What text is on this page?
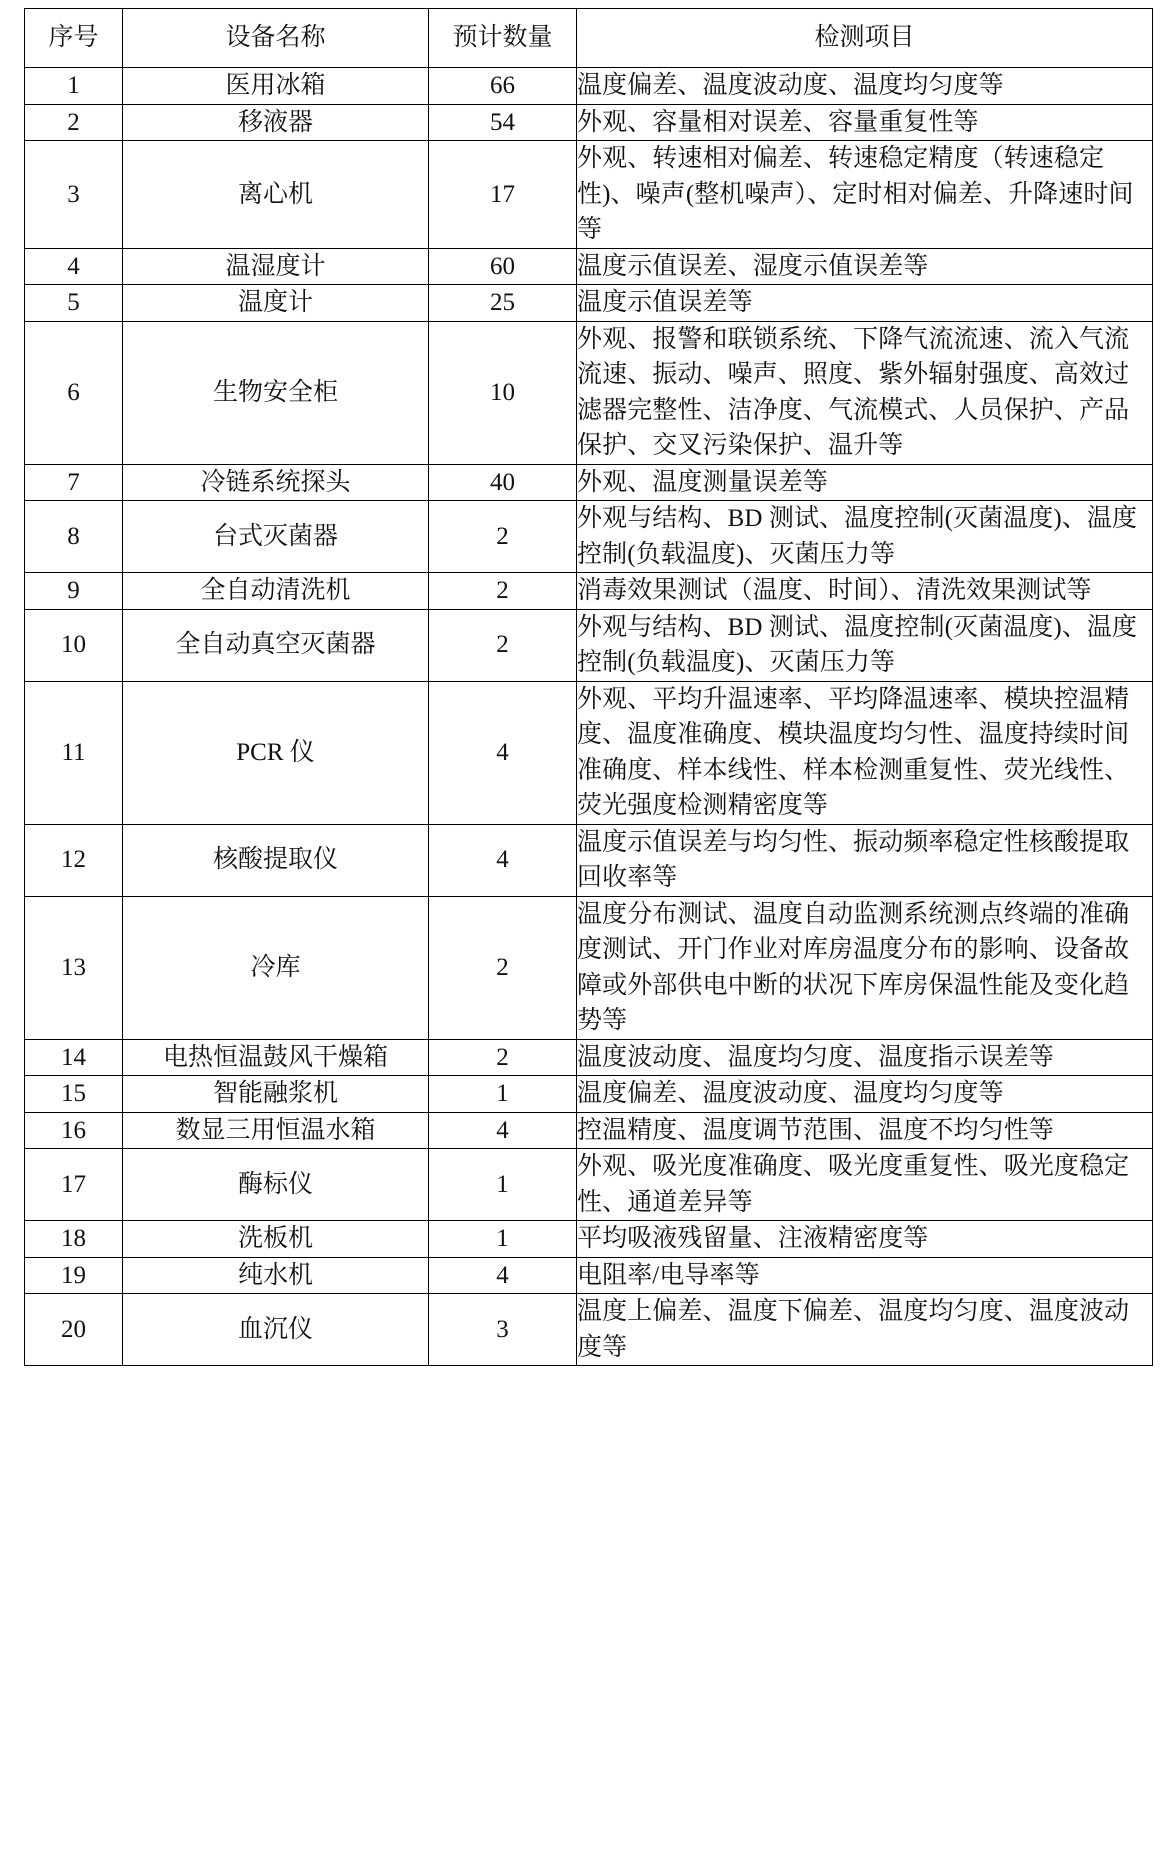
序号	设备名称	预计数量	检测项目
1	医用冰箱	66	温度偏差、温度波动度、温度均匀度等
2	移液器	54	外观、容量相对误差、容量重复性等
3	离心机	17	外观、转速相对偏差、转速稳定精度（转速稳定性)、噪声(整机噪声）、定时相对偏差、升降速时间等
4	温湿度计	60	温度示值误差、湿度示值误差等
5	温度计	25	温度示值误差等
6	生物安全柜	10	外观、报警和联锁系统、下降气流流速、流入气流流速、振动、噪声、照度、紫外辐射强度、高效过滤器完整性、洁净度、气流模式、人员保护、产品保护、交叉污染保护、温升等
7	冷链系统探头	40	外观、温度测量误差等
8	台式灭菌器	2	外观与结构、BD 测试、温度控制(灭菌温度)、温度控制(负载温度)、灭菌压力等
9	全自动清洗机	2	消毒效果测试（温度、时间）、清洗效果测试等
10	全自动真空灭菌器	2	外观与结构、BD 测试、温度控制(灭菌温度)、温度控制(负载温度)、灭菌压力等
11	PCR 仪	4	外观、平均升温速率、平均降温速率、模块控温精度、温度准确度、模块温度均匀性、温度持续时间准确度、样本线性、样本检测重复性、荧光线性、荧光强度检测精密度等
12	核酸提取仪	4	温度示值误差与均匀性、振动频率稳定性核酸提取回收率等
13	冷库	2	温度分布测试、温度自动监测系统测点终端的准确度测试、开门作业对库房温度分布的影响、设备故障或外部供电中断的状况下库房保温性能及变化趋势等
14	电热恒温鼓风干燥箱	2	温度波动度、温度均匀度、温度指示误差等
15	智能融浆机	1	温度偏差、温度波动度、温度均匀度等
16	数显三用恒温水箱	4	控温精度、温度调节范围、温度不均匀性等
17	酶标仪	1	外观、吸光度准确度、吸光度重复性、吸光度稳定性、通道差异等
18	洗板机	1	平均吸液残留量、注液精密度等
19	纯水机	4	电阻率/电导率等
20	血沉仪	3	温度上偏差、温度下偏差、温度均匀度、温度波动度等
